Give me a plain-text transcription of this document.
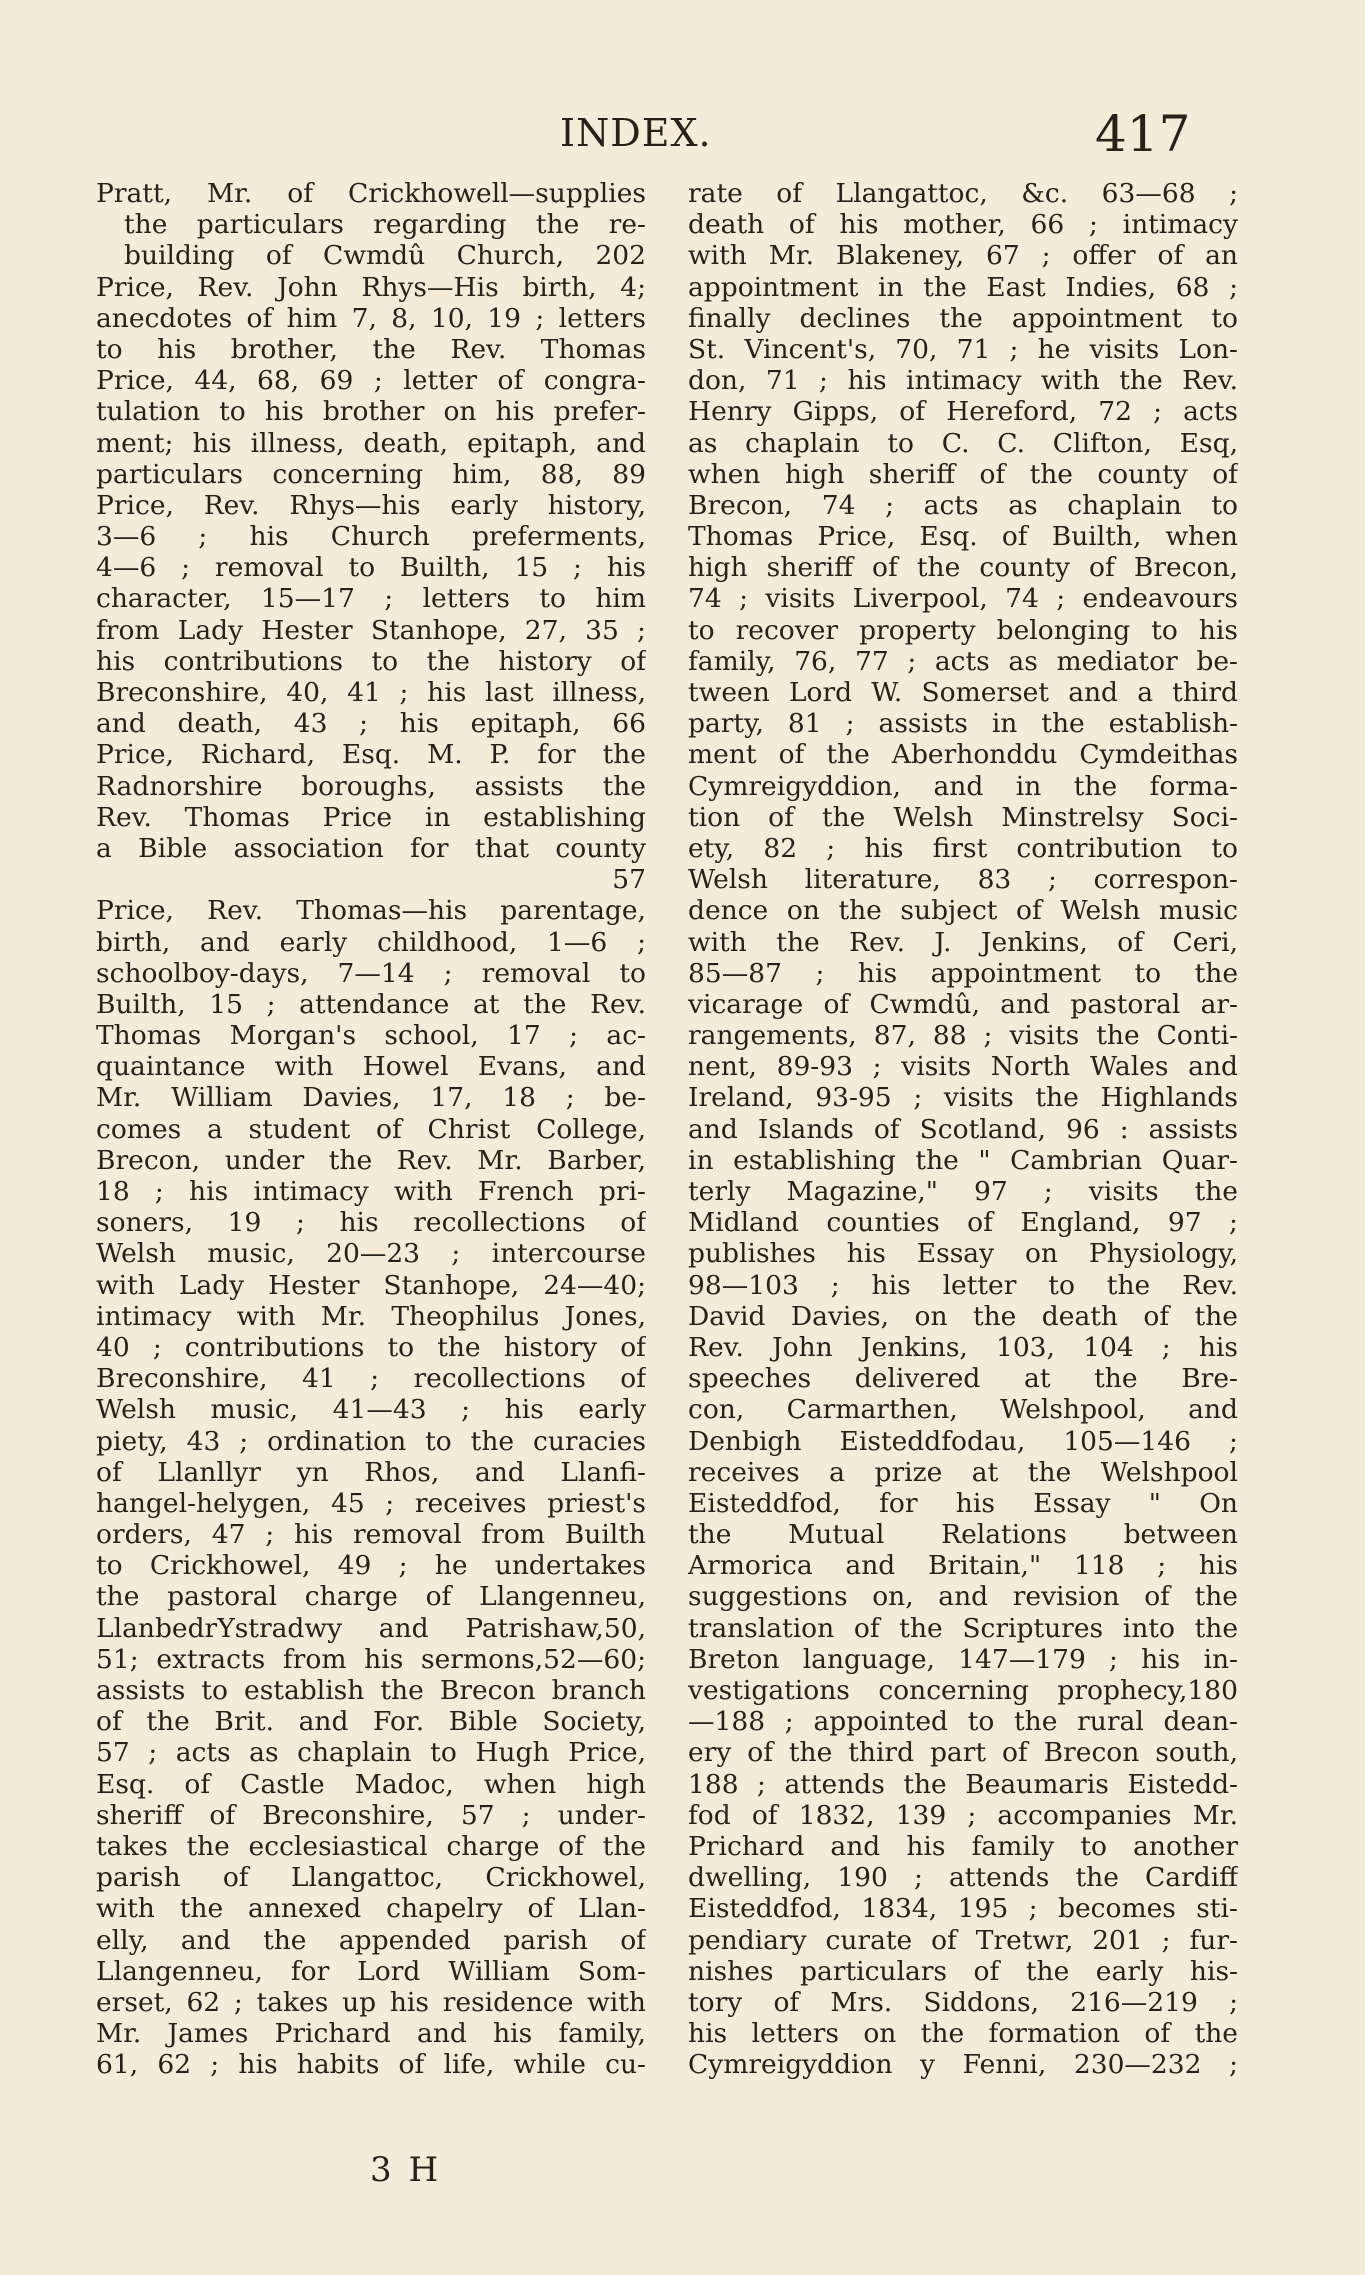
INDEX.	417
Pratt, Mr. of Crickhowell—supplies
the particulars regarding the re-
building of Cwmdû Church, 202
Price, Rev. John Rhys—His birth, 4;
anecdotes of him 7, 8, 10, 19 ; letters
to his brother, the Rev. Thomas
Price, 44, 68, 69 ; letter of congra-
tulation to his brother on his prefer-
ment; his illness, death, epitaph, and
particulars concerning him, 88, 89
Price, Rev. Rhys—his early history,
3—6 ; his Church preferments,
4—6 ; removal to Builth, 15 ; his
character, 15—17 ; letters to him
from Lady Hester Stanhope, 27, 35 ;
his contributions to the history of
Breconshire, 40, 41 ; his last illness,
and death, 43 ; his epitaph, 66
Price, Richard, Esq. M. P. for the
Radnorshire boroughs, assists the
Rev. Thomas Price in establishing
a Bible association for that county
57
Price, Rev. Thomas—his parentage,
birth, and early childhood, 1—6 ;
schoolboy-days, 7—14 ; removal to
Builth, 15 ; attendance at the Rev.
Thomas Morgan's school, 17 ; ac-
quaintance with Howel Evans, and
Mr. William Davies, 17, 18 ; be-
comes a student of Christ College,
Brecon, under the Rev. Mr. Barber,
18 ; his intimacy with French pri-
soners, 19 ; his recollections of
Welsh music, 20—23 ; intercourse
with Lady Hester Stanhope, 24—40;
intimacy with Mr. Theophilus Jones,
40 ; contributions to the history of
Breconshire, 41 ; recollections of
Welsh music, 41—43 ; his early
piety, 43 ; ordination to the curacies
of Llanllyr yn Rhos, and Llanfi-
hangel-helygen, 45 ; receives priest's
orders, 47 ; his removal from Builth
to Crickhowel, 49 ; he undertakes
the pastoral charge of Llangenneu,
LlanbedrYstradwy and Patrishaw,50,
51; extracts from his sermons,52—60;
assists to establish the Brecon branch
of the Brit. and For. Bible Society,
57 ; acts as chaplain to Hugh Price,
Esq. of Castle Madoc, when high
sheriff of Breconshire, 57 ; under-
takes the ecclesiastical charge of the
parish of Llangattoc, Crickhowel,
with the annexed chapelry of Llan-
elly, and the appended parish of
Llangenneu, for Lord William Som-
erset, 62 ; takes up his residence with
Mr. James Prichard and his family,
61, 62 ; his habits of life, while cu-
rate of Llangattoc, &c. 63—68 ;
death of his mother, 66 ; intimacy
with Mr. Blakeney, 67 ; offer of an
appointment in the East Indies, 68 ;
finally declines the appointment to
St. Vincent's, 70, 71 ; he visits Lon-
don, 71 ; his intimacy with the Rev.
Henry Gipps, of Hereford, 72 ; acts
as chaplain to C. C. Clifton, Esq,
when high sheriff of the county of
Brecon, 74 ; acts as chaplain to
Thomas Price, Esq. of Builth, when
high sheriff of the county of Brecon,
74 ; visits Liverpool, 74 ; endeavours
to recover property belonging to his
family, 76, 77 ; acts as mediator be-
tween Lord W. Somerset and a third
party, 81 ; assists in the establish-
ment of the Aberhonddu Cymdeithas
Cymreigyddion, and in the forma-
tion of the Welsh Minstrelsy Soci-
ety, 82 ; his first contribution to
Welsh literature, 83 ; correspon-
dence on the subject of Welsh music
with the Rev. J. Jenkins, of Ceri,
85—87 ; his appointment to the
vicarage of Cwmdû, and pastoral ar-
rangements, 87, 88 ; visits the Conti-
nent, 89-93 ; visits North Wales and
Ireland, 93-95 ; visits the Highlands
and Islands of Scotland, 96 : assists
in establishing the " Cambrian Quar-
terly Magazine," 97 ; visits the
Midland counties of England, 97 ;
publishes his Essay on Physiology,
98—103 ; his letter to the Rev.
David Davies, on the death of the
Rev. John Jenkins, 103, 104 ; his
speeches delivered at the Bre-
con, Carmarthen, Welshpool, and
Denbigh Eisteddfodau, 105—146 ;
receives a prize at the Welshpool
Eisteddfod, for his Essay " On
the Mutual Relations between
Armorica and Britain," 118 ; his
suggestions on, and revision of the
translation of the Scriptures into the
Breton language, 147—179 ; his in-
vestigations concerning prophecy,180
—188 ; appointed to the rural dean-
ery of the third part of Brecon south,
188 ; attends the Beaumaris Eistedd-
fod of 1832, 139 ; accompanies Mr.
Prichard and his family to another
dwelling, 190 ; attends the Cardiff
Eisteddfod, 1834, 195 ; becomes sti-
pendiary curate of Tretwr, 201 ; fur-
nishes particulars of the early his-
tory of Mrs. Siddons, 216—219 ;
his letters on the formation of the
Cymreigyddion y Fenni, 230—232 ;
3 H
